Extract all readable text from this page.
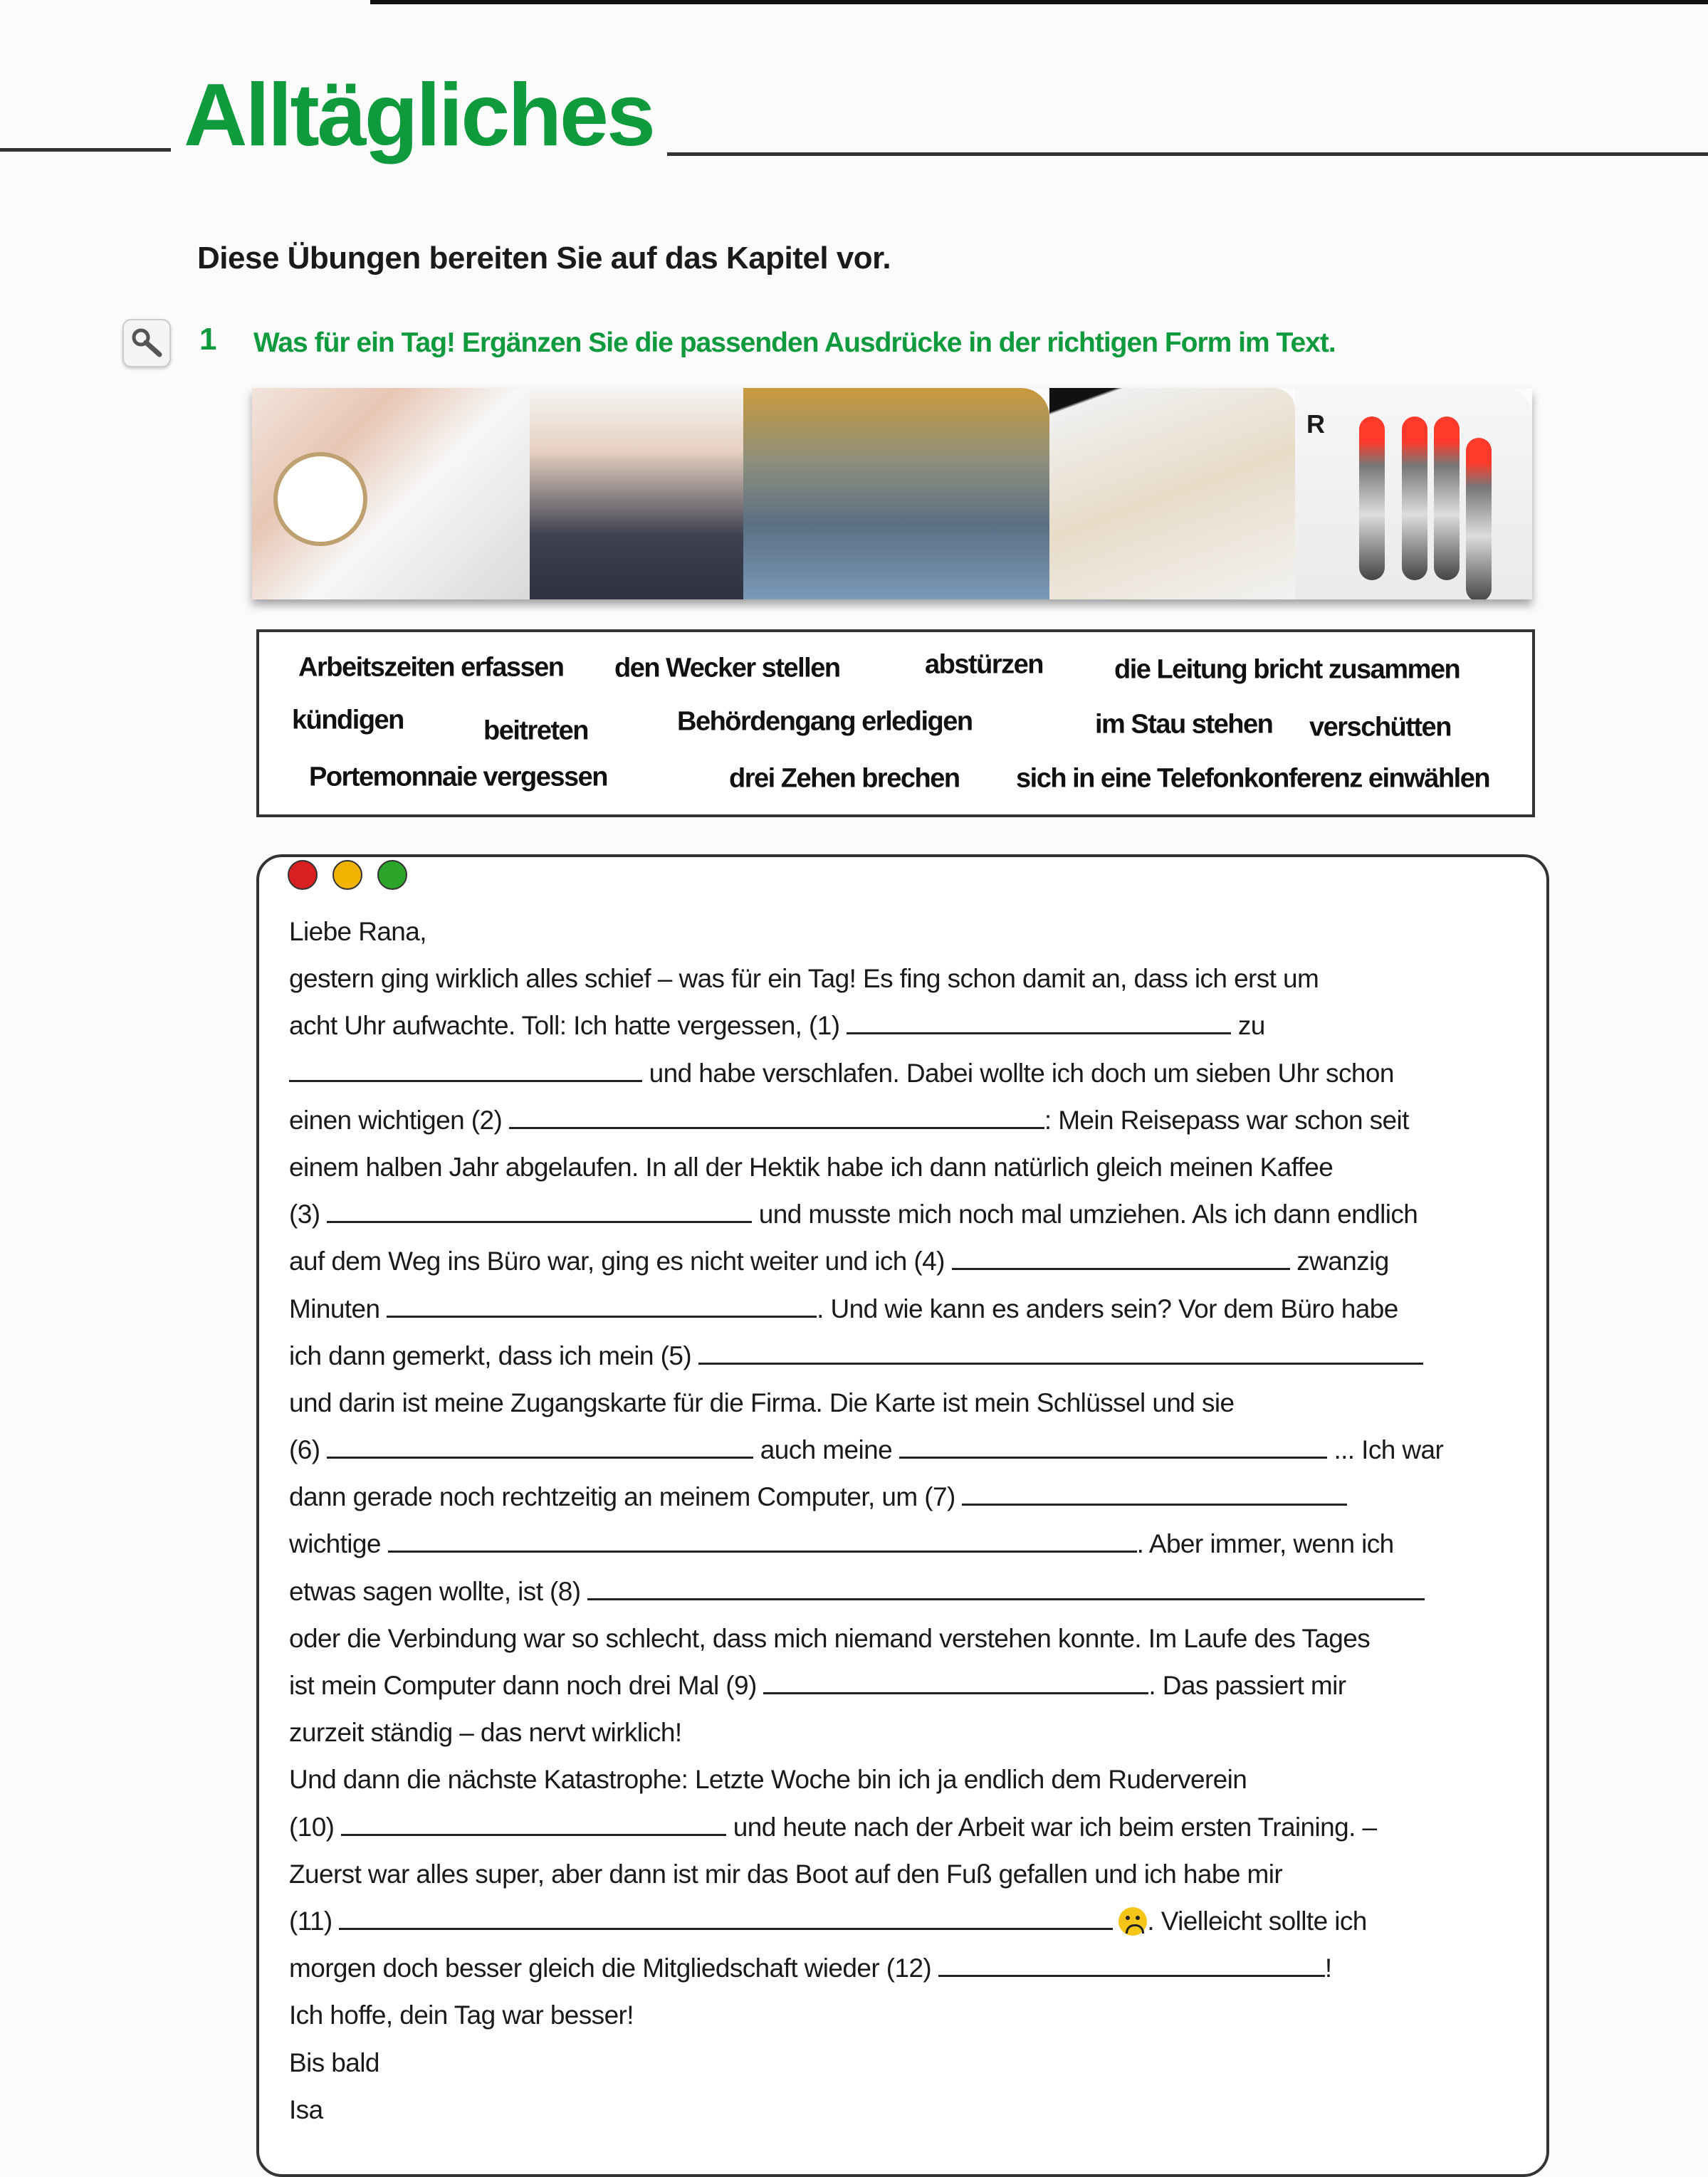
Alltägliches
Diese Übungen bereiten Sie auf das Kapitel vor.
1 Was für ein Tag! Ergänzen Sie die passenden Ausdrücke in der richtigen Form im Text.
R
Arbeitszeiten erfassen den Wecker stellen	abstürzen	die Leitung bricht zusammen
kündigen	beitreten	Behördengang erledigen	im Stau stehen verschütten
Portemonnaie vergessen	drei Zehen brechen sich in eine Telefonkonferenz einwählen
Liebe Rana,
gestern ging wirklich alles schief – was für ein Tag! Es fing schon damit an, dass ich erst um
acht Uhr aufwachte. Toll: Ich hatte vergessen, (1)	zu
und habe verschlafen. Dabei wollte ich doch um sieben Uhr schon
einen wichtigen (2)	: Mein Reisepass war schon seit
einem halben Jahr abgelaufen. In all der Hektik habe ich dann natürlich gleich meinen Kaffee
(3)	und musste mich noch mal umziehen. Als ich dann endlich
auf dem Weg ins Büro war, ging es nicht weiter und ich (4)	zwanzig
Minuten	. Und wie kann es anders sein? Vor dem Büro habe
ich dann gemerkt, dass ich mein (5)
und darin ist meine Zugangskarte für die Firma. Die Karte ist mein Schlüssel und sie
(6)	auch meine	... Ich war
dann gerade noch rechtzeitig an meinem Computer, um (7)
wichtige	. Aber immer, wenn ich
etwas sagen wollte, ist (8)
oder die Verbindung war so schlecht, dass mich niemand verstehen konnte. Im Laufe des Tages
ist mein Computer dann noch drei Mal (9)	. Das passiert mir
zurzeit ständig – das nervt wirklich!
Und dann die nächste Katastrophe: Letzte Woche bin ich ja endlich dem Ruderverein
(10)	und heute nach der Arbeit war ich beim ersten Training. –
Zuerst war alles super, aber dann ist mir das Boot auf den Fuß gefallen und ich habe mir
(11)	. Vielleicht sollte ich
morgen doch besser gleich die Mitgliedschaft wieder (12)	!
Ich hoffe, dein Tag war besser!
Bis bald
Isa
